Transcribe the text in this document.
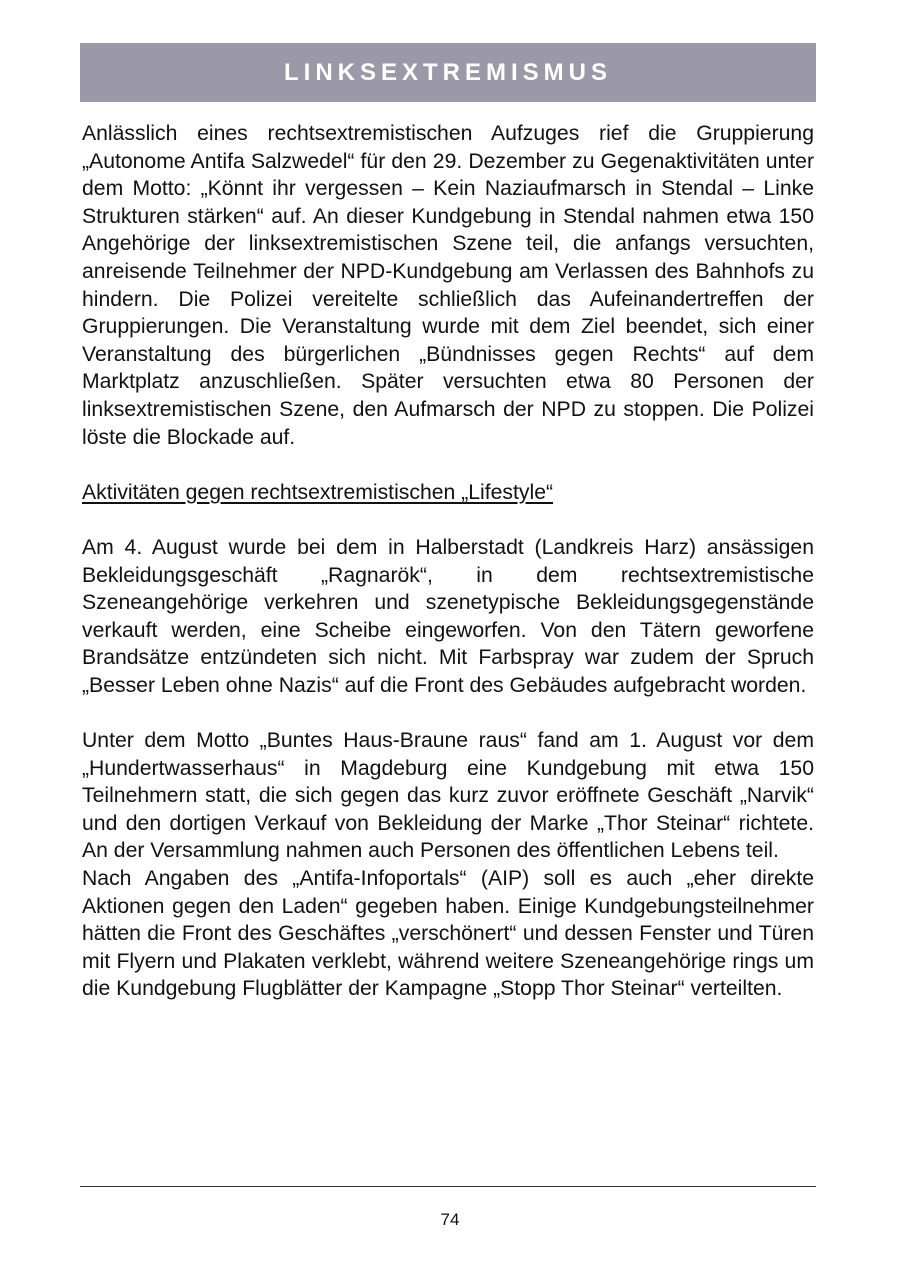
LINKSEXTREMISMUS

Anlässlich eines rechtsextremistischen Aufzuges rief die Gruppierung „Autonome Antifa Salzwedel“ für den 29. Dezember zu Gegenaktivitäten unter dem Motto: „Könnt ihr vergessen – Kein Naziaufmarsch in Stendal – Linke Strukturen stärken“ auf. An dieser Kundgebung in Stendal nahmen etwa 150 Angehörige der linksextremistischen Szene teil, die anfangs versuchten, anreisende Teilnehmer der NPD-Kundgebung am Verlassen des Bahnhofs zu hindern. Die Polizei vereitelte schließlich das Aufeinandertreffen der Gruppierungen. Die Veranstaltung wurde mit dem Ziel beendet, sich einer Veranstaltung des bürgerlichen „Bündnisses gegen Rechts“ auf dem Marktplatz anzuschließen. Später versuchten etwa 80 Personen der linksextremistischen Szene, den Aufmarsch der NPD zu stoppen. Die Polizei löste die Blockade auf.

Aktivitäten gegen rechtsextremistischen „Lifestyle“

Am 4. August wurde bei dem in Halberstadt (Landkreis Harz) ansässigen Bekleidungsgeschäft „Ragnarök“, in dem rechtsextremistische Szeneangehörige verkehren und szenetypische Bekleidungsgegenstände verkauft werden, eine Scheibe eingeworfen. Von den Tätern geworfene Brandsätze entzündeten sich nicht. Mit Farbspray war zudem der Spruch „Besser Leben ohne Nazis“ auf die Front des Gebäudes aufgebracht worden.

Unter dem Motto „Buntes Haus-Braune raus“ fand am 1. August vor dem „Hundertwasserhaus“ in Magdeburg eine Kundgebung mit etwa 150 Teilnehmern statt, die sich gegen das kurz zuvor eröffnete Geschäft „Narvik“ und den dortigen Verkauf von Bekleidung der Marke „Thor Steinar“ richtete. An der Versammlung nahmen auch Personen des öffentlichen Lebens teil.

Nach Angaben des „Antifa-Infoportals“ (AIP) soll es auch „eher direkte Aktionen gegen den Laden“ gegeben haben. Einige Kundgebungsteilnehmer hätten die Front des Geschäftes „verschönert“ und dessen Fenster und Türen mit Flyern und Plakaten verklebt, während weitere Szeneangehörige rings um die Kundgebung Flugblätter der Kampagne „Stopp Thor Steinar“ verteilten.

74
